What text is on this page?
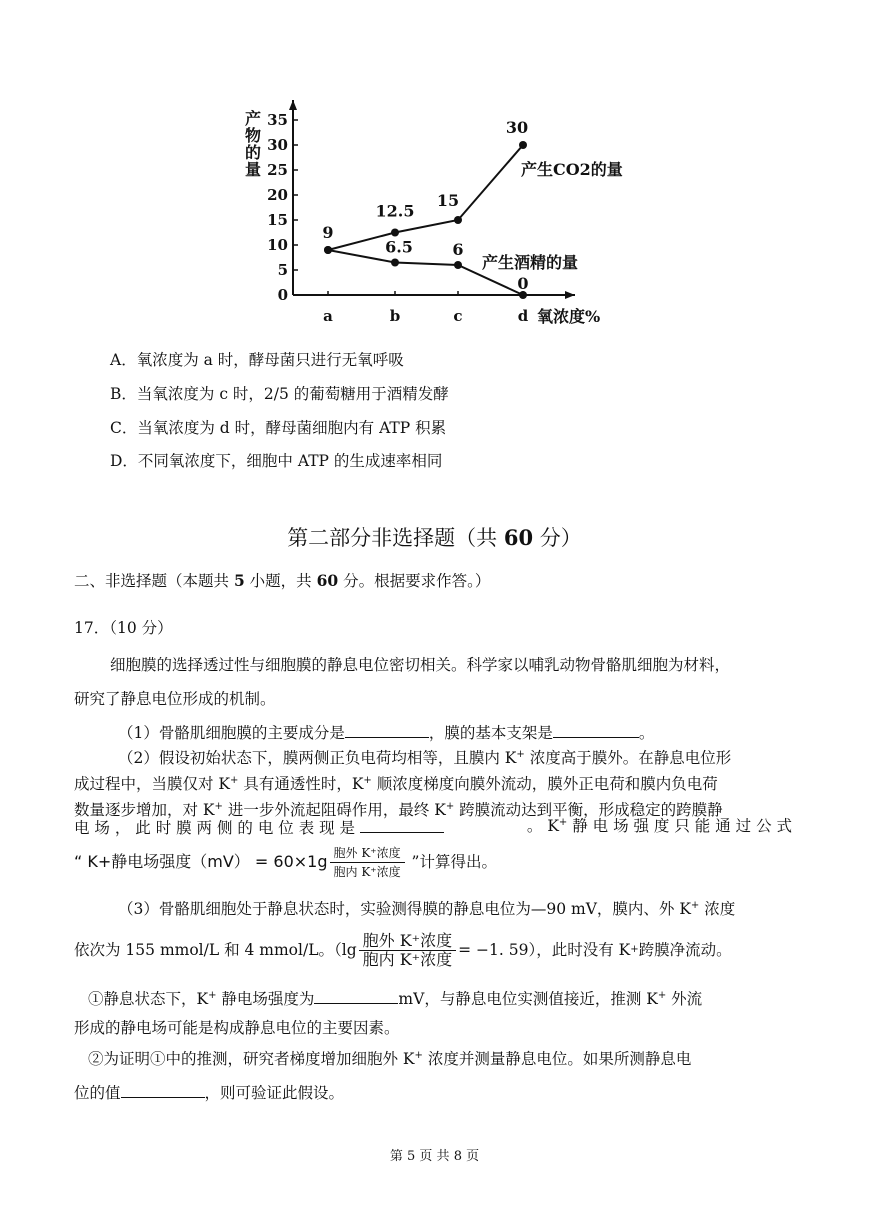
0
5
10
15
20
25
30
35
a	b	c	d 氧浓度%
产物的量
9
12.5
15
30
6.5 6
0
产生CO2的量
产生酒精的量
A．氧浓度为 a 时，酵母菌只进行无氧呼吸
B．当氧浓度为 c 时，2/5 的葡萄糖用于酒精发酵
C．当氧浓度为 d 时，酵母菌细胞内有 ATP 积累
D．不同氧浓度下，细胞中 ATP 的生成速率相同
第二部分非选择题（共 60 分）
二、非选择题（本题共 5 小题，共 60 分。根据要求作答。）
17．（10 分）
细胞膜的选择透过性与细胞膜的静息电位密切相关。科学家以哺乳动物骨骼肌细胞为材料，
研究了静息电位形成的机制。
（1）骨骼肌细胞膜的主要成分是	，膜的基本支架是	。
（2）假设初始状态下，膜两侧正负电荷均相等，且膜内 K+ 浓度高于膜外。在静息电位形
成过程中，当膜仅对 K+ 具有通透性时，K+ 顺浓度梯度向膜外流动，膜外正电荷和膜内负电荷
数量逐步增加，对 K+ 进一步外流起阻碍作用，最终 K+ 跨膜流动达到平衡，形成稳定的跨膜静
电 场 ， 此 时 膜 两 侧 的 电 位 表 现 是	。 K+ 静 电 场 强 度 只 能 通 过 公 式
“ K+静电场强度$(mV) = 60\times 1g \frac{\text{胞外 K⁺浓度}}{\text{胞内 K⁺浓度}}$ ”计算得出。
（3）骨骼肌细胞处于静息状态时，实验测得膜的静息电位为—90 mV，膜内、外 K+ 浓度
依次为 155 mmol/L 和 4 mmol/L。（$\lg \frac{\text{胞外 K⁺浓度}}{\text{胞内 K⁺浓度}} = -1$. 59），此时没有 K + 跨膜净流动。
①静息状态下，K+ 静电场强度为	mV，与静息电位实测值接近，推测 K+ 外流
形成的静电场可能是构成静息电位的主要因素。
②为证明①中的推测，研究者梯度增加细胞外 K+ 浓度并测量静息电位。如果所测静息电
位的值	，则可验证此假设。
第 5 页 共 8 页
